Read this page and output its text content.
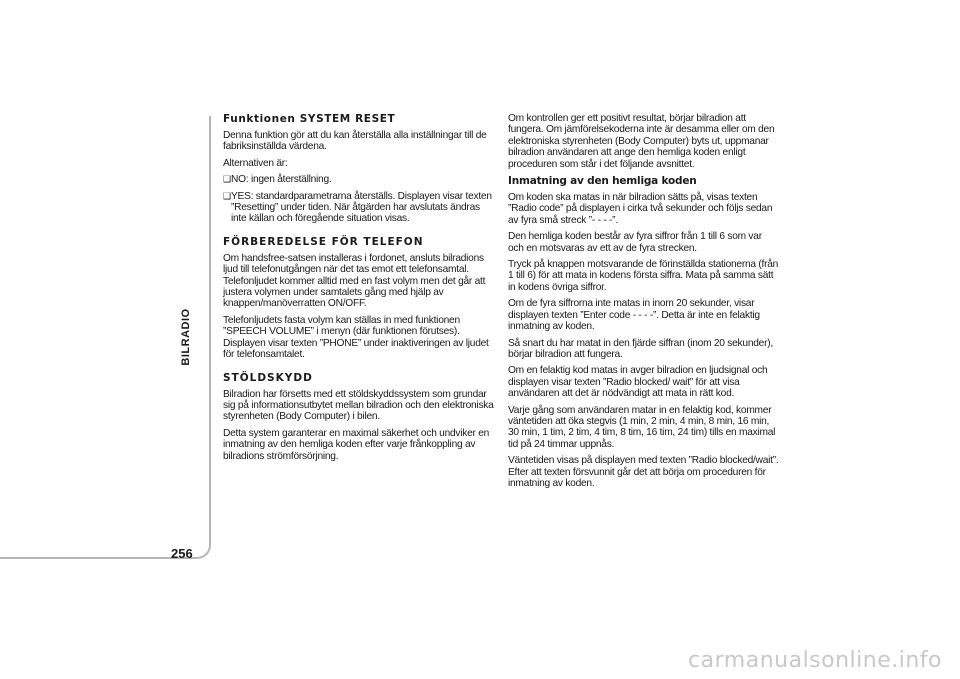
BILRADIO
256
Funktionen SYSTEM RESET

Denna funktion gör att du kan återställa alla inställningar till de fabriksinställda värdena.

Alternativen är:

❑ NO: ingen återställning.
❑ YES: standardparametrarna återställs. Displayen visar texten ”Resetting” under tiden. När åtgärden har avslutats ändras inte källan och föregående situation visas.
FÖRBEREDELSE FÖR TELEFON

Om handsfree-satsen installeras i fordonet, ansluts bilradions ljud till telefonutgången när det tas emot ett telefonsamtal. Telefonljudet kommer alltid med en fast volym men det går att justera volymen under samtalets gång med hjälp av knappen/manöverratten ON/OFF.

Telefonljudets fasta volym kan ställas in med funktionen ”SPEECH VOLUME” i menyn (där funktionen förutses). Displayen visar texten ”PHONE” under inaktiveringen av ljudet för telefonsamtalet.

STÖLDSKYDD

Bilradion har försetts med ett stöldskyddssystem som grundar sig på informationsutbytet mellan bilradion och den elektroniska styrenheten (Body Computer) i bilen.

Detta system garanterar en maximal säkerhet och undviker en inmatning av den hemliga koden efter varje frånkoppling av bilradions strömförsörjning.

Om kontrollen ger ett positivt resultat, börjar bilradion att fungera. Om jämförelsekoderna inte är desamma eller om den elektroniska styrenheten (Body Computer) byts ut, uppmanar bilradion användaren att ange den hemliga koden enligt proceduren som står i det följande avsnittet.

Inmatning av den hemliga koden

Om koden ska matas in när bilradion sätts på, visas texten ”Radio code” på displayen i cirka två sekunder och följs sedan av fyra små streck ”- - - -”.

Den hemliga koden består av fyra siffror från 1 till 6 som var och en motsvaras av ett av de fyra strecken.

Tryck på knappen motsvarande de förinställda stationerna (från 1 till 6) för att mata in kodens första siffra. Mata på samma sätt in kodens övriga siffror.

Om de fyra siffrorna inte matas in inom 20 sekunder, visar displayen texten ”Enter code - - - -”. Detta är inte en felaktig inmatning av koden.

Så snart du har matat in den fjärde siffran (inom 20 sekunder), börjar bilradion att fungera.

Om en felaktig kod matas in avger bilradion en ljudsignal och displayen visar texten ”Radio blocked/ wait” för att visa användaren att det är nödvändigt att mata in rätt kod.

Varje gång som användaren matar in en felaktig kod, kommer väntetiden att öka stegvis (1 min, 2 min, 4 min, 8 min, 16 min, 30 min, 1 tim, 2 tim, 4 tim, 8 tim, 16 tim, 24 tim) tills en maximal tid på 24 timmar uppnås.

Väntetiden visas på displayen med texten ”Radio blocked/wait”. Efter att texten försvunnit går det att börja om proceduren för inmatning av koden.

carmanualsonline.info
